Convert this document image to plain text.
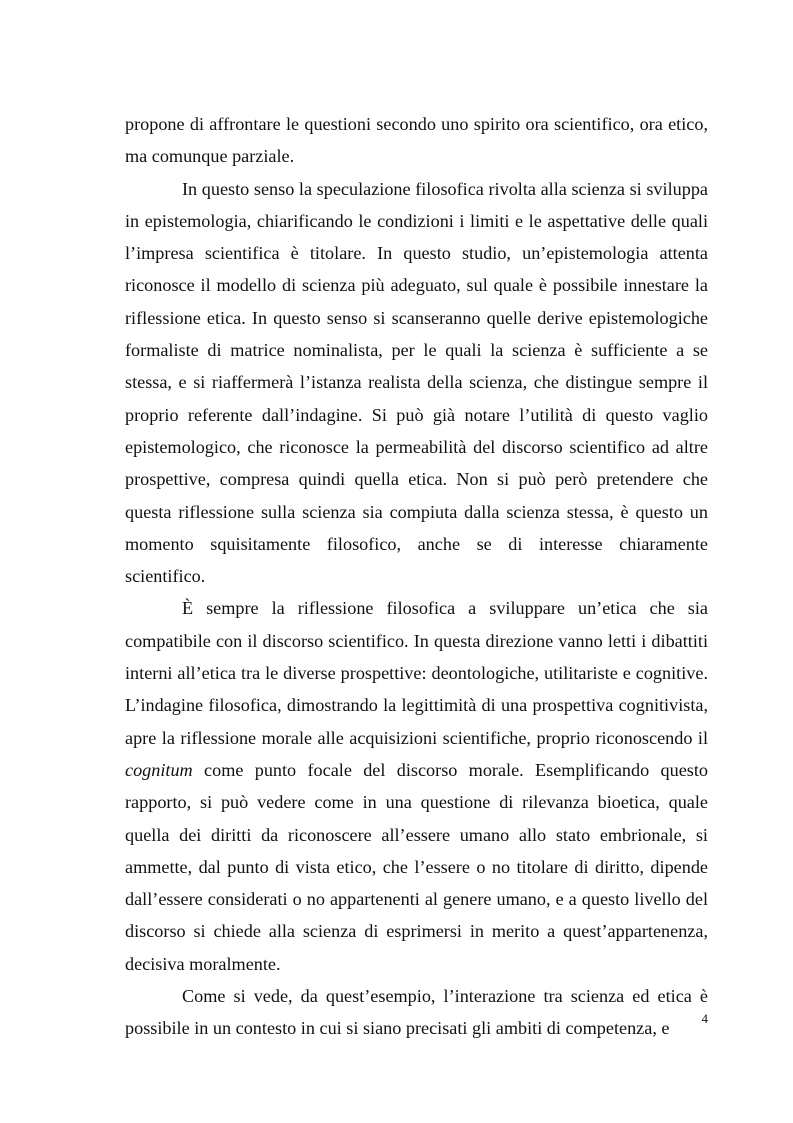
propone di affrontare le questioni secondo uno spirito ora scientifico, ora etico, ma comunque parziale.

In questo senso la speculazione filosofica rivolta alla scienza si sviluppa in epistemologia, chiarificando le condizioni i limiti e le aspettative delle quali l’impresa scientifica è titolare. In questo studio, un’epistemologia attenta riconosce il modello di scienza più adeguato, sul quale è possibile innestare la riflessione etica. In questo senso si scanseranno quelle derive epistemologiche formaliste di matrice nominalista, per le quali la scienza è sufficiente a se stessa, e si riaffermerà l’istanza realista della scienza, che distingue sempre il proprio referente dall’indagine. Si può già notare l’utilità di questo vaglio epistemologico, che riconosce la permeabilità del discorso scientifico ad altre prospettive, compresa quindi quella etica. Non si può però pretendere che questa riflessione sulla scienza sia compiuta dalla scienza stessa, è questo un momento squisitamente filosofico, anche se di interesse chiaramente scientifico.

È sempre la riflessione filosofica a sviluppare un’etica che sia compatibile con il discorso scientifico. In questa direzione vanno letti i dibattiti interni all’etica tra le diverse prospettive: deontologiche, utilitariste e cognitive. L’indagine filosofica, dimostrando la legittimità di una prospettiva cognitivista, apre la riflessione morale alle acquisizioni scientifiche, proprio riconoscendo il cognitum come punto focale del discorso morale. Esemplificando questo rapporto, si può vedere come in una questione di rilevanza bioetica, quale quella dei diritti da riconoscere all’essere umano allo stato embrionale, si ammette, dal punto di vista etico, che l’essere o no titolare di diritto, dipende dall’essere considerati o no appartenenti al genere umano, e a questo livello del discorso si chiede alla scienza di esprimersi in merito a quest’appartenenza, decisiva moralmente.

Come si vede, da quest’esempio, l’interazione tra scienza ed etica è possibile in un contesto in cui si siano precisati gli ambiti di competenza, e	4
